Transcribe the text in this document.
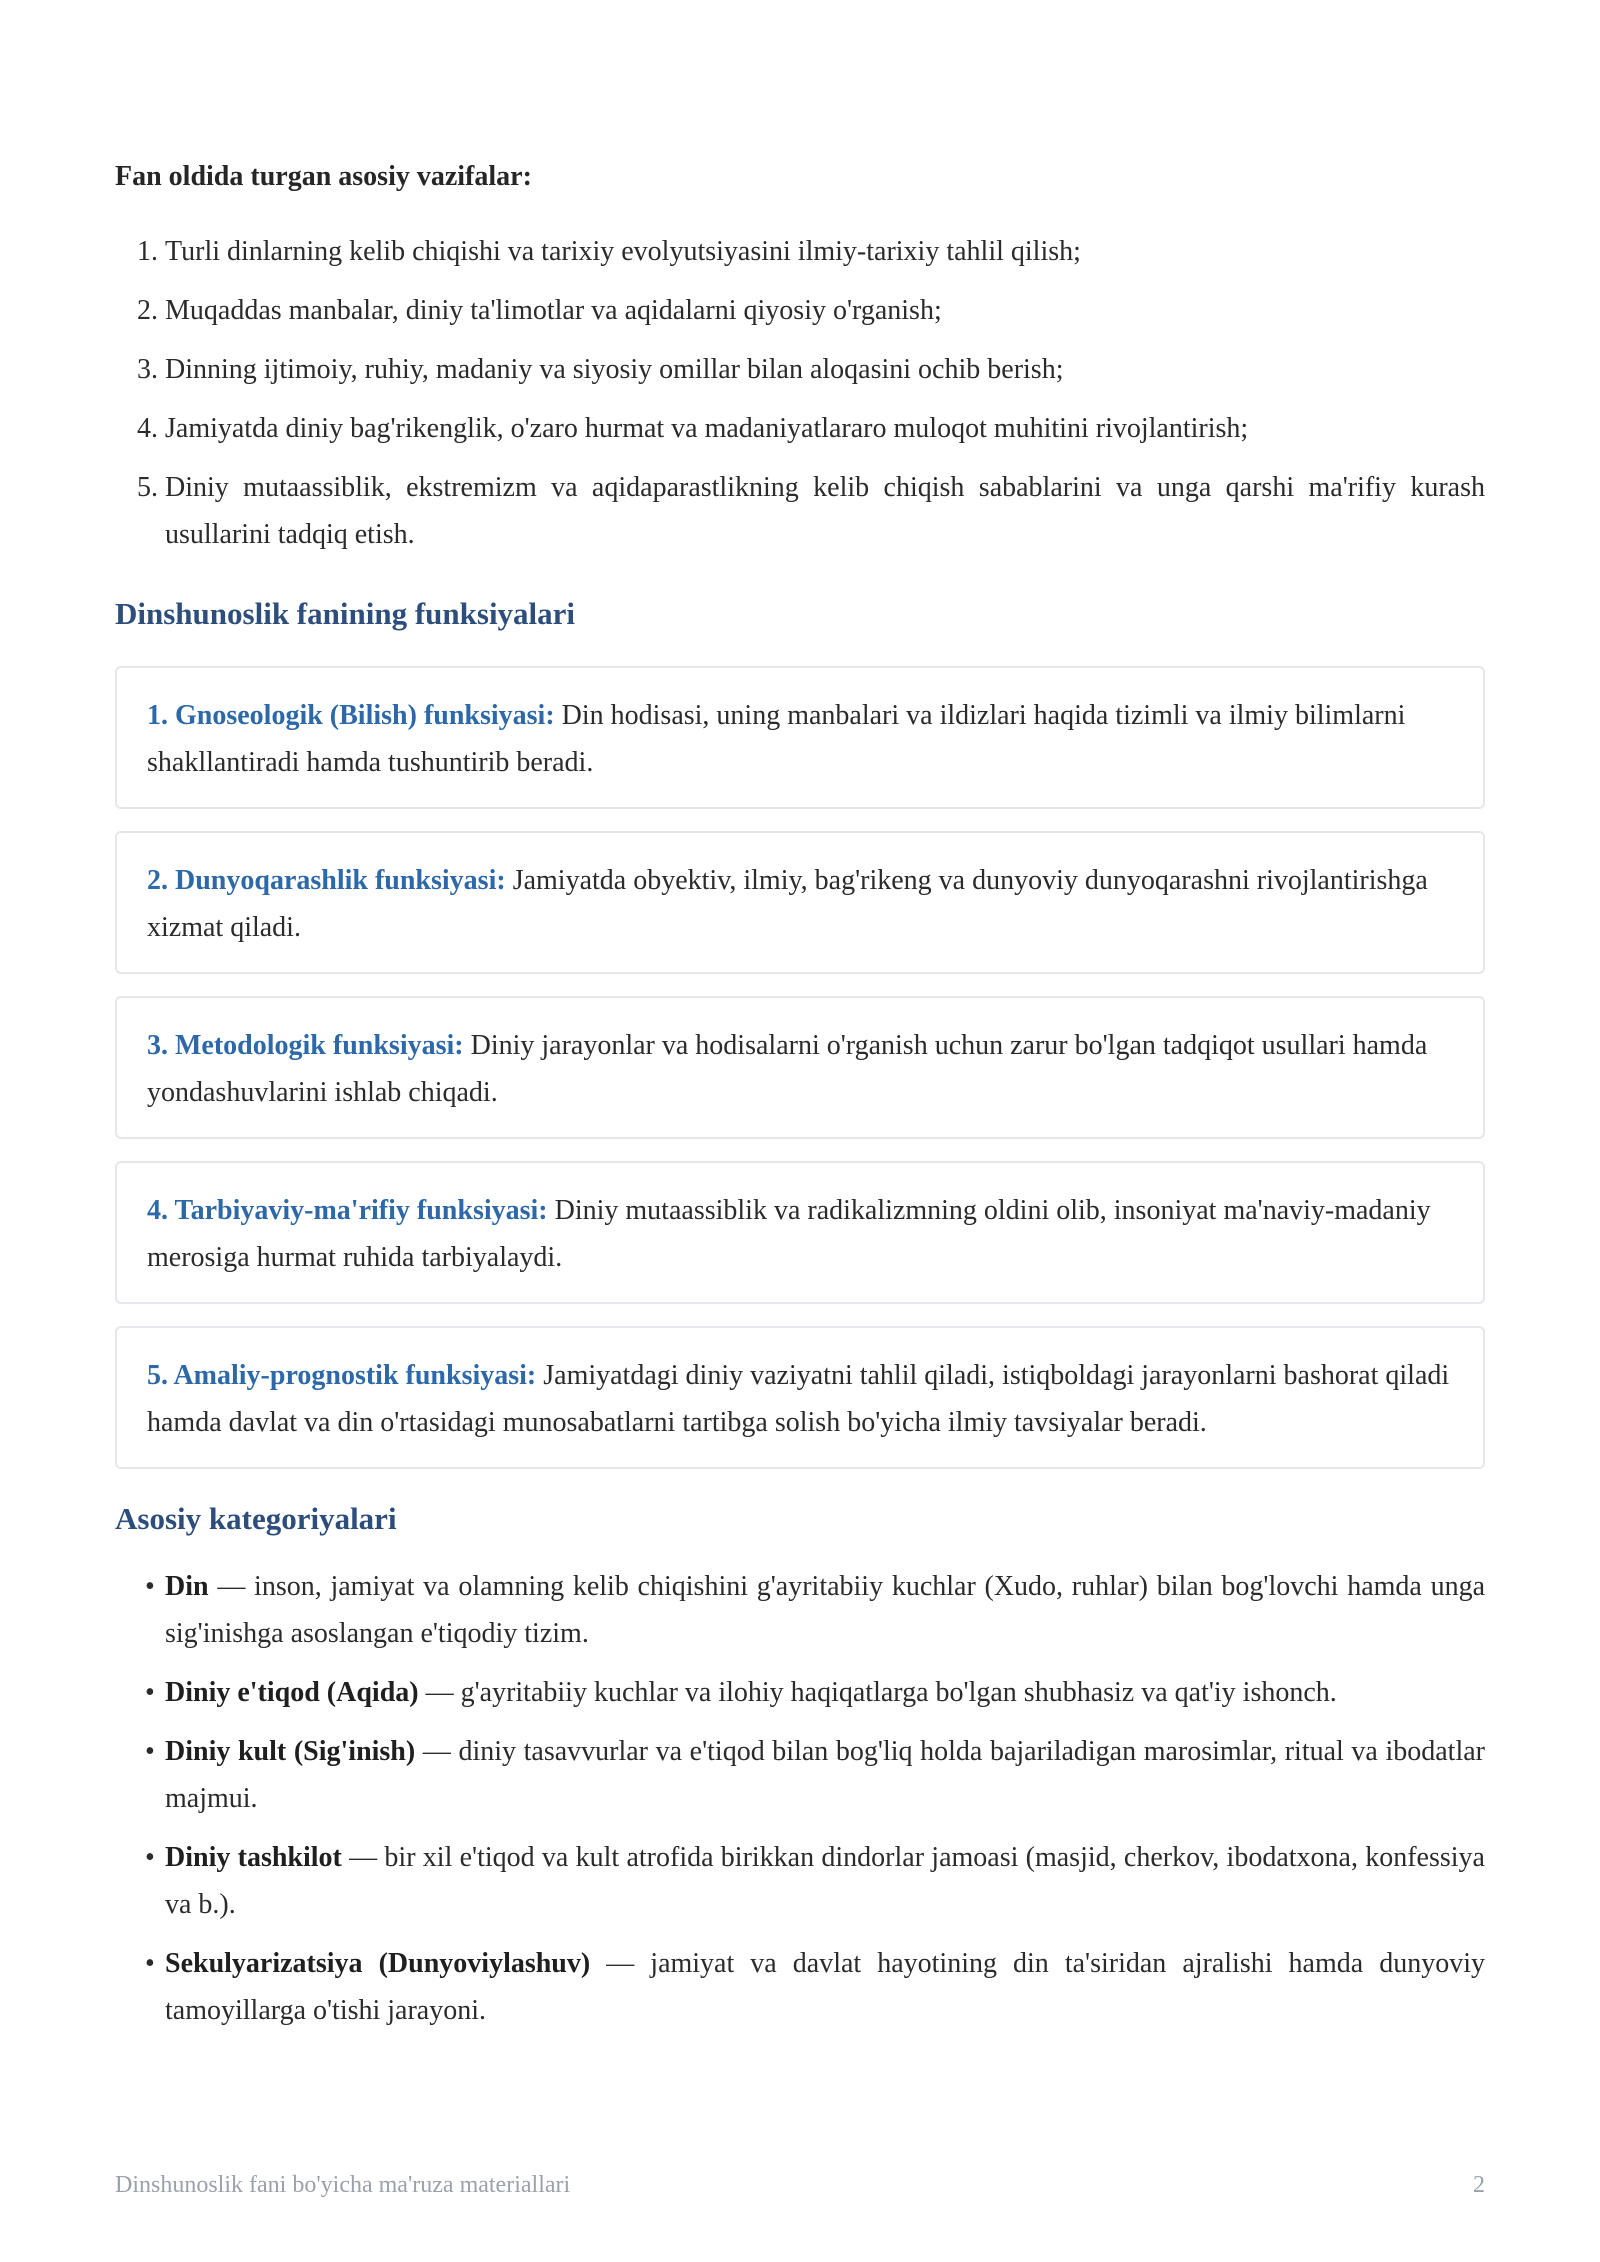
Fan oldida turgan asosiy vazifalar:
1. Turli dinlarning kelib chiqishi va tarixiy evolyutsiyasini ilmiy-tarixiy tahlil qilish;
2. Muqaddas manbalar, diniy ta'limotlar va aqidalarni qiyosiy o'rganish;
3. Dinning ijtimoiy, ruhiy, madaniy va siyosiy omillar bilan aloqasini ochib berish;
4. Jamiyatda diniy bag'rikenglik, o'zaro hurmat va madaniyatlararo muloqot muhitini rivojlantirish;
5. Diniy mutaassiblik, ekstremizm va aqidaparastlikning kelib chiqish sabablarini va unga qarshi ma'rifiy kurash usullarini tadqiq etish.
Dinshunoslik fanining funksiyalari
1. Gnoseologik (Bilish) funksiyasi: Din hodisasi, uning manbalari va ildizlari haqida tizimli va ilmiy bilimlarni shakllantiradi hamda tushuntirib beradi.
2. Dunyoqarashlik funksiyasi: Jamiyatda obyektiv, ilmiy, bag'rikeng va dunyoviy dunyoqarashni rivojlantirishga xizmat qiladi.
3. Metodologik funksiyasi: Diniy jarayonlar va hodisalarni o'rganish uchun zarur bo'lgan tadqiqot usullari hamda yondashuvlarini ishlab chiqadi.
4. Tarbiyaviy-ma'rifiy funksiyasi: Diniy mutaassiblik va radikalizmning oldini olib, insoniyat ma'naviy-madaniy merosiga hurmat ruhida tarbiyalaydi.
5. Amaliy-prognostik funksiyasi: Jamiyatdagi diniy vaziyatni tahlil qiladi, istiqboldagi jarayonlarni bashorat qiladi hamda davlat va din o'rtasidagi munosabatlarni tartibga solish bo'yicha ilmiy tavsiyalar beradi.
Asosiy kategoriyalari
• Din — inson, jamiyat va olamning kelib chiqishini g'ayritabiiy kuchlar (Xudo, ruhlar) bilan bog'lovchi hamda unga sig'inishga asoslangan e'tiqodiy tizim.
• Diniy e'tiqod (Aqida) — g'ayritabiiy kuchlar va ilohiy haqiqatlarga bo'lgan shubhasiz va qat'iy ishonch.
• Diniy kult (Sig'inish) — diniy tasavvurlar va e'tiqod bilan bog'liq holda bajariladigan marosimlar, ritual va ibodatlar majmui.
• Diniy tashkilot — bir xil e'tiqod va kult atrofida birikkan dindorlar jamoasi (masjid, cherkov, ibodatxona, konfessiya va b.).
• Sekulyarizatsiya (Dunyoviylashuv) — jamiyat va davlat hayotining din ta'siridan ajralishi hamda dunyoviy tamoyillarga o'tishi jarayoni.
Dinshunoslik fani bo'yicha ma'ruza materiallari	2
